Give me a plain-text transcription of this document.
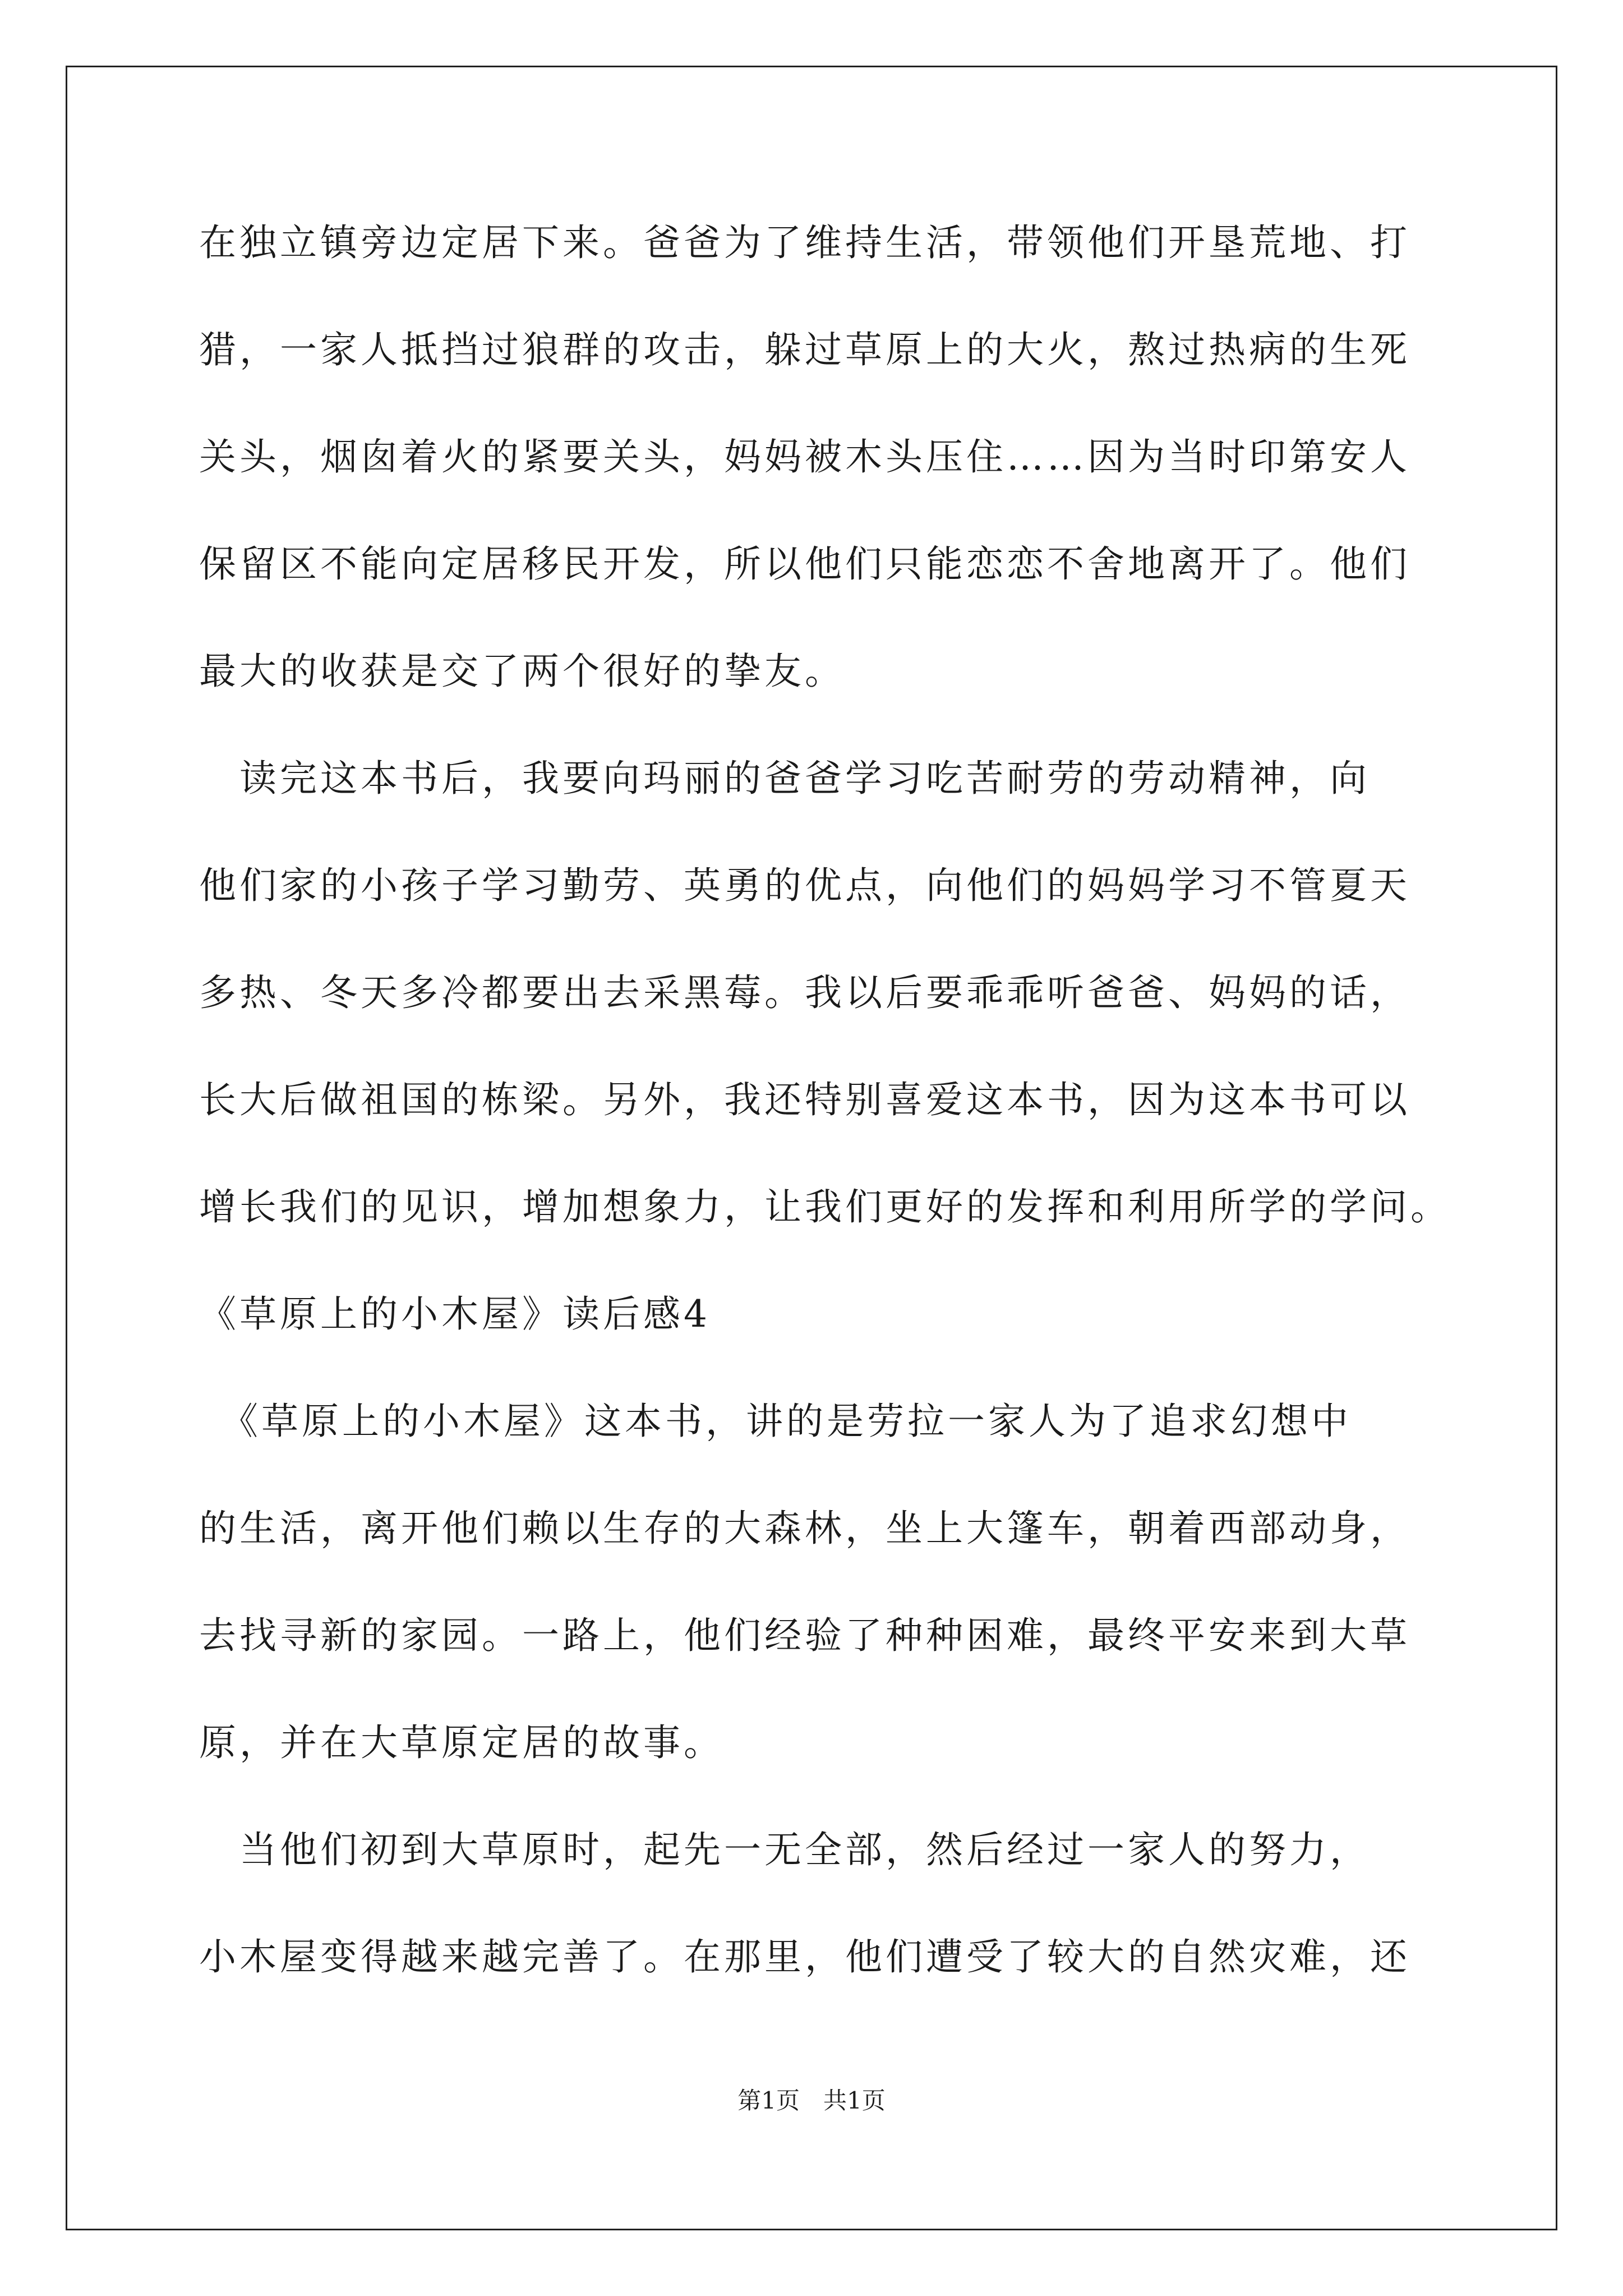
在独立镇旁边定居下来。爸爸为了维持生活，带领他们开垦荒地、打
猎，一家人抵挡过狼群的攻击，躲过草原上的大火，熬过热病的生死
关头，烟囱着火的紧要关头，妈妈被木头压住……因为当时印第安人
保留区不能向定居移民开发，所以他们只能恋恋不舍地离开了。他们
最大的收获是交了两个很好的挚友。
　读完这本书后，我要向玛丽的爸爸学习吃苦耐劳的劳动精神，向
他们家的小孩子学习勤劳、英勇的优点，向他们的妈妈学习不管夏天
多热、冬天多冷都要出去采黑莓。我以后要乖乖听爸爸、妈妈的话，
长大后做祖国的栋梁。另外，我还特别喜爱这本书，因为这本书可以
增长我们的见识，增加想象力，让我们更好的发挥和利用所学的学问。
《草原上的小木屋》读后感4
　《草原上的小木屋》这本书，讲的是劳拉一家人为了追求幻想中
的生活，离开他们赖以生存的大森林，坐上大篷车，朝着西部动身，
去找寻新的家园。一路上，他们经验了种种困难，最终平安来到大草
原，并在大草原定居的故事。
　当他们初到大草原时，起先一无全部，然后经过一家人的努力，
小木屋变得越来越完善了。在那里，他们遭受了较大的自然灾难，还
第1页　共1页
